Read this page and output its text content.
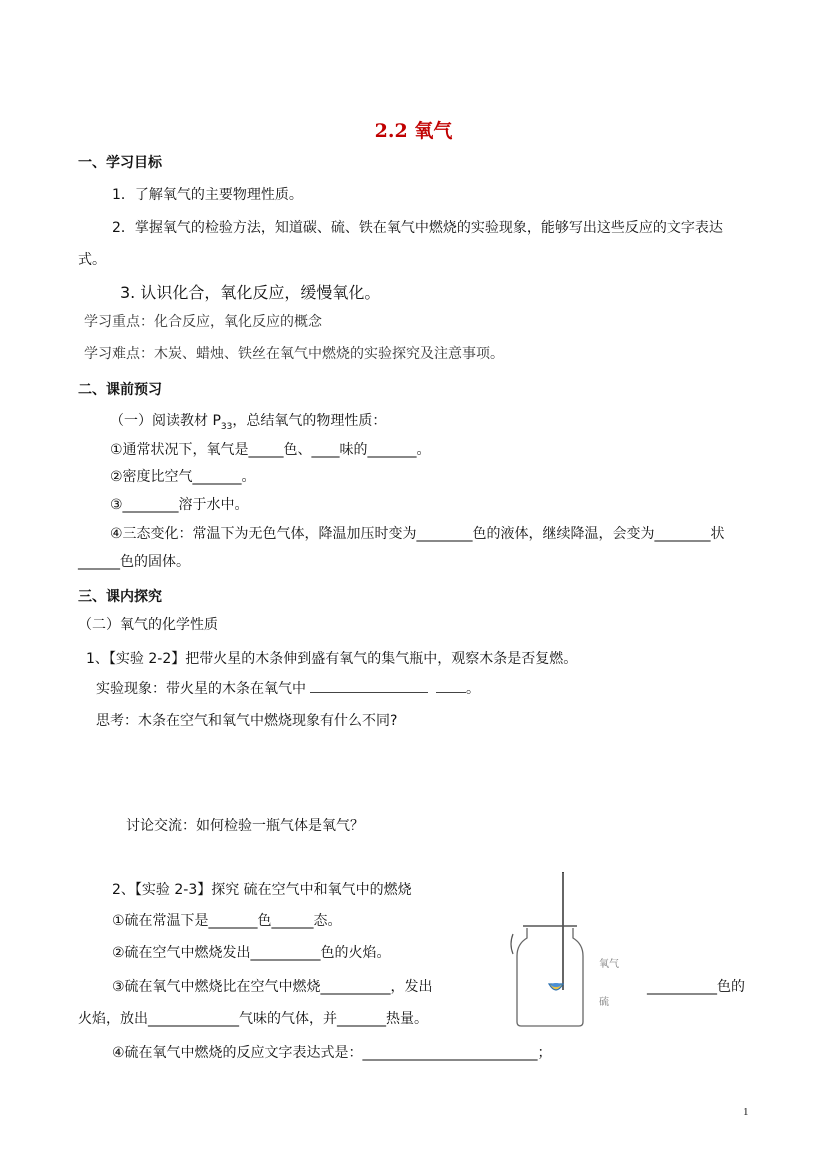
2.2 氧气
一、学习目标
1．了解氧气的主要物理性质。
2．掌握氧气的检验方法，知道碳、硫、铁在氧气中燃烧的实验现象，能够写出这些反应的文字表达
式。
3. 认识化合，氧化反应，缓慢氧化。
学习重点：化合反应，氧化反应的概念
学习难点：木炭、蜡烛、铁丝在氧气中燃烧的实验探究及注意事项。
二、课前预习
（一）阅读教材 $P_{33}$，总结氧气的物理性质：
①通常状况下，氧气是_____色、____味的_______。
②密度比空气_______。
③________溶于水中。
④三态变化：常温下为无色气体，降温加压时变为________色的液体，继续降温，会变为________状
______色的固体。
三、课内探究
（二）氧气的化学性质
1、【实验 2-2】把带火星的木条伸到盛有氧气的集气瓶中，观察木条是否复燃。
实验现象：带火星的木条在氧气中	。
思考：木条在空气和氧气中燃烧现象有什么不同?
讨论交流：如何检验一瓶气体是氧气？
2、【实验 2-3】探究 硫在空气中和氧气中的燃烧
①硫在常温下是_______色______态。
②硫在空气中燃烧发出__________色的火焰。
③硫在氧气中燃烧比在空气中燃烧__________，发出	__________色的
火焰，放出_____________气味的气体，并_______热量。
④硫在氧气中燃烧的反应文字表达式是：_________________________；
氧气
硫
1
